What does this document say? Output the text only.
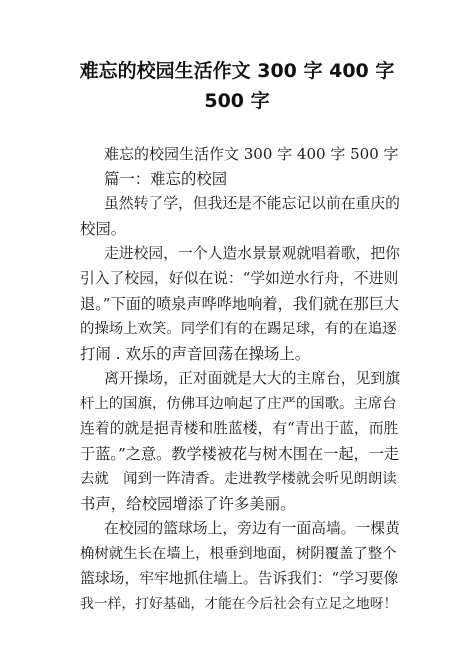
难忘的校园生活作文 300 字 400 字
500 字
难忘的校园生活作文 300 字 400 字 500 字
篇一：难忘的校园
虽然转了学，但我还是不能忘记以前在重庆的
校园。
走进校园，一个人造水景景观就唱着歌，把你
引入了校园，好似在说：“学如逆水行舟，不进则
退。”下面的喷泉声哗哗地响着，我们就在那巨大
的操场上欢笑。同学们有的在踢足球，有的在追逐
打闹 . 欢乐的声音回荡在操场上。
离开操场，正对面就是大大的主席台，见到旗
杆上的国旗，仿佛耳边响起了庄严的国歌。主席台
连着的就是挹青楼和胜蓝楼，有“青出于蓝，而胜
于蓝。”之意。教学楼被花与树木围在一起，一走
去就　闻到一阵清香。走进教学楼就会听见朗朗读
书声，给校园增添了许多美丽。
在校园的篮球场上，旁边有一面高墙。一棵黄
桷树就生长在墙上，根垂到地面，树阴覆盖了整个
篮球场，牢牢地抓住墙上。告诉我们：“学习要像
我一样，打好基础，才能在今后社会有立足之地呀！
